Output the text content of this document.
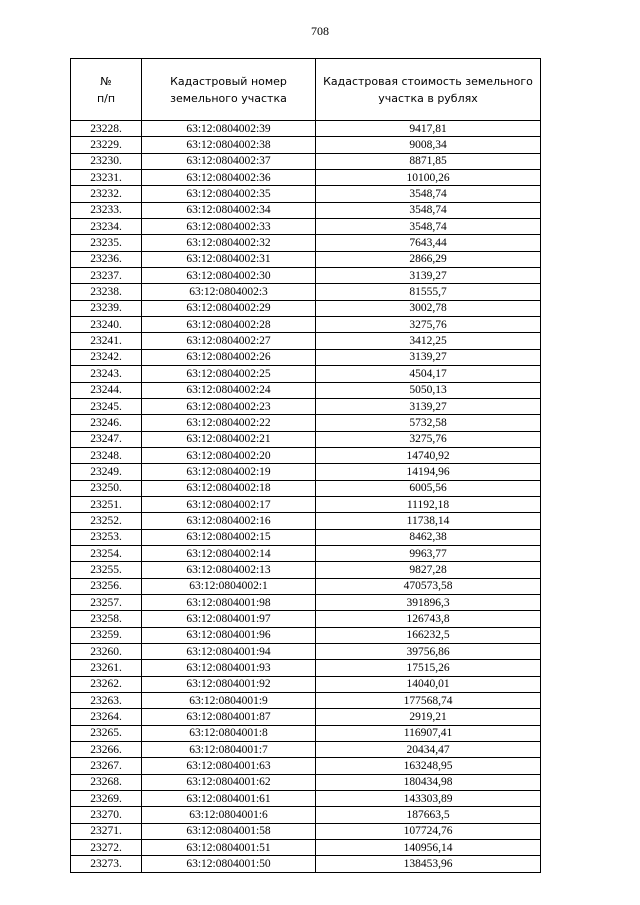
708
№
п/п	Кадастровый номер
земельного участка	Кадастровая стоимость земельного
участка в рублях
23228.	63:12:0804002:39	9417,81
23229.	63:12:0804002:38	9008,34
23230.	63:12:0804002:37	8871,85
23231.	63:12:0804002:36	10100,26
23232.	63:12:0804002:35	3548,74
23233.	63:12:0804002:34	3548,74
23234.	63:12:0804002:33	3548,74
23235.	63:12:0804002:32	7643,44
23236.	63:12:0804002:31	2866,29
23237.	63:12:0804002:30	3139,27
23238.	63:12:0804002:3	81555,7
23239.	63:12:0804002:29	3002,78
23240.	63:12:0804002:28	3275,76
23241.	63:12:0804002:27	3412,25
23242.	63:12:0804002:26	3139,27
23243.	63:12:0804002:25	4504,17
23244.	63:12:0804002:24	5050,13
23245.	63:12:0804002:23	3139,27
23246.	63:12:0804002:22	5732,58
23247.	63:12:0804002:21	3275,76
23248.	63:12:0804002:20	14740,92
23249.	63:12:0804002:19	14194,96
23250.	63:12:0804002:18	6005,56
23251.	63:12:0804002:17	11192,18
23252.	63:12:0804002:16	11738,14
23253.	63:12:0804002:15	8462,38
23254.	63:12:0804002:14	9963,77
23255.	63:12:0804002:13	9827,28
23256.	63:12:0804002:1	470573,58
23257.	63:12:0804001:98	391896,3
23258.	63:12:0804001:97	126743,8
23259.	63:12:0804001:96	166232,5
23260.	63:12:0804001:94	39756,86
23261.	63:12:0804001:93	17515,26
23262.	63:12:0804001:92	14040,01
23263.	63:12:0804001:9	177568,74
23264.	63:12:0804001:87	2919,21
23265.	63:12:0804001:8	116907,41
23266.	63:12:0804001:7	20434,47
23267.	63:12:0804001:63	163248,95
23268.	63:12:0804001:62	180434,98
23269.	63:12:0804001:61	143303,89
23270.	63:12:0804001:6	187663,5
23271.	63:12:0804001:58	107724,76
23272.	63:12:0804001:51	140956,14
23273.	63:12:0804001:50	138453,96
